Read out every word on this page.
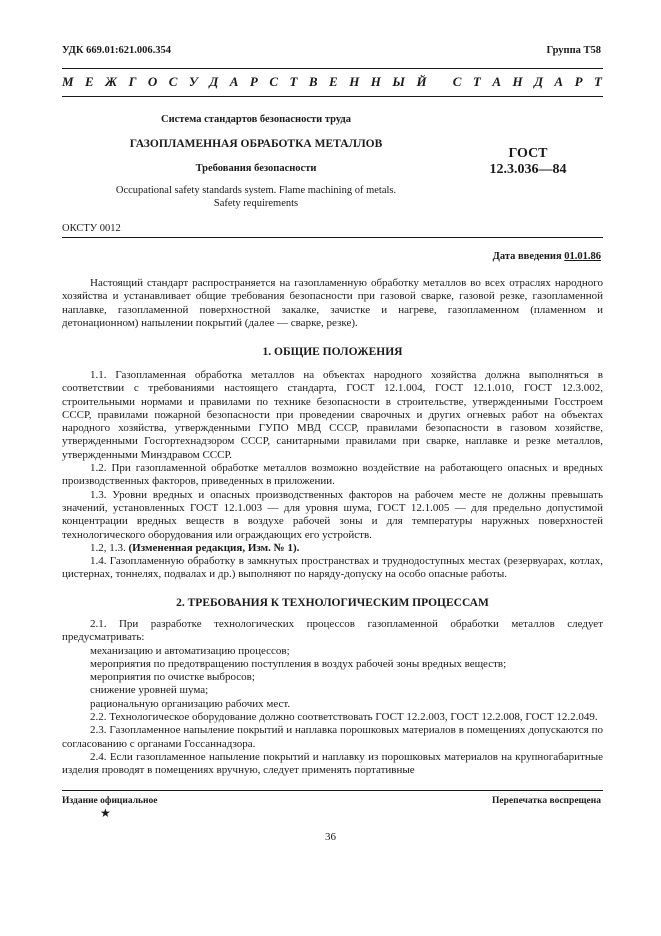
УДК 669.01:621.006.354	Группа Т58
М Е Ж Г О С У Д А Р С Т В Е Н Н Ы Й
С Т А Н Д А Р Т
Система стандартов безопасности труда
ГАЗОПЛАМЕННАЯ ОБРАБОТКА МЕТАЛЛОВ
Требования безопасности
Occupational safety standards system. Flame machining of metals.
Safety requirements
ГОСТ
12.3.036—84
ОКСТУ 0012
Дата введения 01.01.86

Настоящий стандарт распространяется на газопламенную обработку металлов во всех отраслях народного хозяйства и устанавливает общие требования безопасности при газовой сварке, газовой резке, газопламенной наплавке, газопламенной поверхностной закалке, зачистке и нагреве, газопламенном (пламенном и детонационном) напылении покрытий (далее — сварке, резке).

1. ОБЩИЕ ПОЛОЖЕНИЯ

1.1. Газопламенная обработка металлов на объектах народного хозяйства должна выполняться в соответствии с требованиями настоящего стандарта, ГОСТ 12.1.004, ГОСТ 12.1.010, ГОСТ 12.3.002, строительными нормами и правилами по технике безопасности в строительстве, утвержденными Госстроем СССР, правилами пожарной безопасности при проведении сварочных и других огневых работ на объектах народного хозяйства, утвержденными ГУПО МВД СССР, правилами безопасности в газовом хозяйстве, утвержденными Госгортехнадзором СССР, санитарными правилами при сварке, наплавке и резке металлов, утвержденными Минздравом СССР.

1.2. При газопламенной обработке металлов возможно воздействие на работающего опасных и вредных производственных факторов, приведенных в приложении.

1.3. Уровни вредных и опасных производственных факторов на рабочем месте не должны превышать значений, установленных ГОСТ 12.1.003 — для уровня шума, ГОСТ 12.1.005 — для предельно допустимой концентрации вредных веществ в воздухе рабочей зоны и для температуры наружных поверхностей технологического оборудования или ограждающих его устройств.

1.2, 1.3. (Измененная редакция, Изм. № 1).

1.4. Газопламенную обработку в замкнутых пространствах и труднодоступных местах (резервуарах, котлах, цистернах, тоннелях, подвалах и др.) выполняют по наряду-допуску на особо опасные работы.

2. ТРЕБОВАНИЯ К ТЕХНОЛОГИЧЕСКИМ ПРОЦЕССАМ

2.1. При разработке технологических процессов газопламенной обработки металлов следует предусматривать:

механизацию и автоматизацию процессов;

мероприятия по предотвращению поступления в воздух рабочей зоны вредных веществ;

мероприятия по очистке выбросов;

снижение уровней шума;

рациональную организацию рабочих мест.

2.2. Технологическое оборудование должно соответствовать ГОСТ 12.2.003, ГОСТ 12.2.008, ГОСТ 12.2.049.

2.3. Газопламенное напыление покрытий и наплавка порошковых материалов в помещениях допускаются по согласованию с органами Госсаннадзора.

2.4. Если газопламенное напыление покрытий и наплавку из порошковых материалов на крупногабаритные изделия проводят в помещениях вручную, следует применять портативные

Издание официальное
★
Перепечатка воспрещена
36
